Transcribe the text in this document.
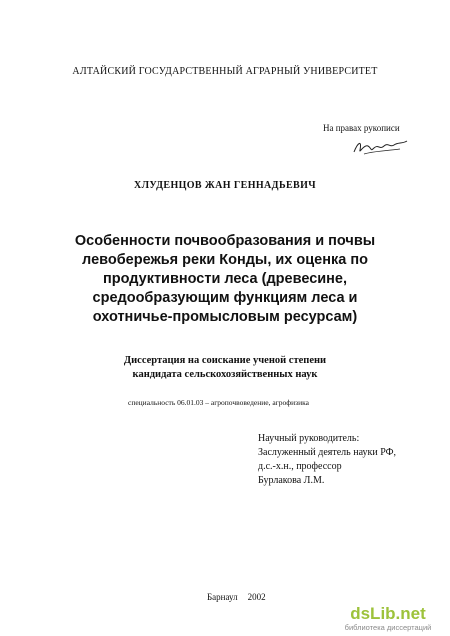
АЛТАЙСКИЙ ГОСУДАРСТВЕННЫЙ АГРАРНЫЙ УНИВЕРСИТЕТ
На правах рукописи
ХЛУДЕНЦОВ ЖАН ГЕННАДЬЕВИЧ
Особенности почвообразования и почвы
левобережья реки Конды, их оценка по
продуктивности леса (древесине,
средообразующим функциям леса и
охотничье-промысловым ресурсам)
Диссертация на соискание ученой степени
кандидата сельскохозяйственных наук
специальность 06.01.03 – агропочвоведение, агрофизика
Научный руководитель:
Заслуженный деятель науки РФ,
д.с.-х.н., профессор
Бурлакова Л.М.
Барнаул 2002
dsLib.net
библиотека диссертаций
